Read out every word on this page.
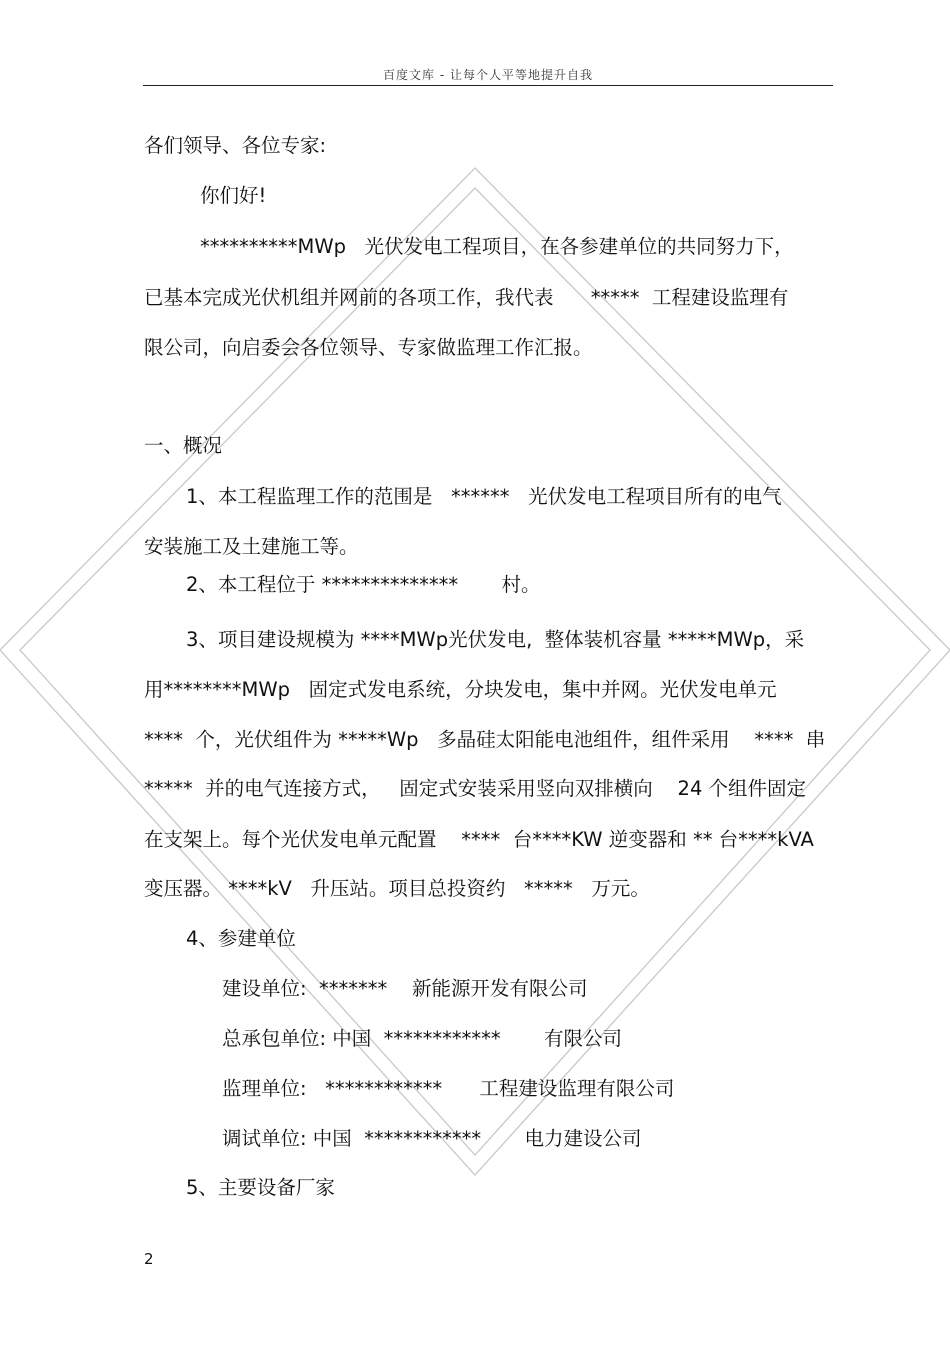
百度文库 - 让每个人平等地提升自我
各们领导、各位专家:
你们好!
**********MWp   光伏发电工程项目，在各参建单位的共同努力下，
已基本完成光伏机组并网前的各项工作，我代表      *****  工程建设监理有
限公司，向启委会各位领导、专家做监理工作汇报。
一、概况
1、本工程监理工作的范围是   ******   光伏发电工程项目所有的电气
安装施工及土建施工等。
2、本工程位于 **************       村。
3、项目建设规模为 ****MWp光伏发电,  整体装机容量 *****MWp，采
用********MWp   固定式发电系统，分块发电，集中并网。光伏发电单元
****  个，光伏组件为 *****Wp   多晶硅太阳能电池组件，组件采用    ****  串
*****  并的电气连接方式，   固定式安装采用竖向双排横向    24 个组件固定
在支架上。每个光伏发电单元配置    ****  台****KW 逆变器和 ** 台****kVA
变压器。 ****kV   升压站。项目总投资约   *****   万元。
4、参建单位
建设单位:  *******    新能源开发有限公司
总承包单位: 中国  ************       有限公司
监理单位:   ************      工程建设监理有限公司
调试单位: 中国  ************       电力建设公司
5、主要设备厂家
2
